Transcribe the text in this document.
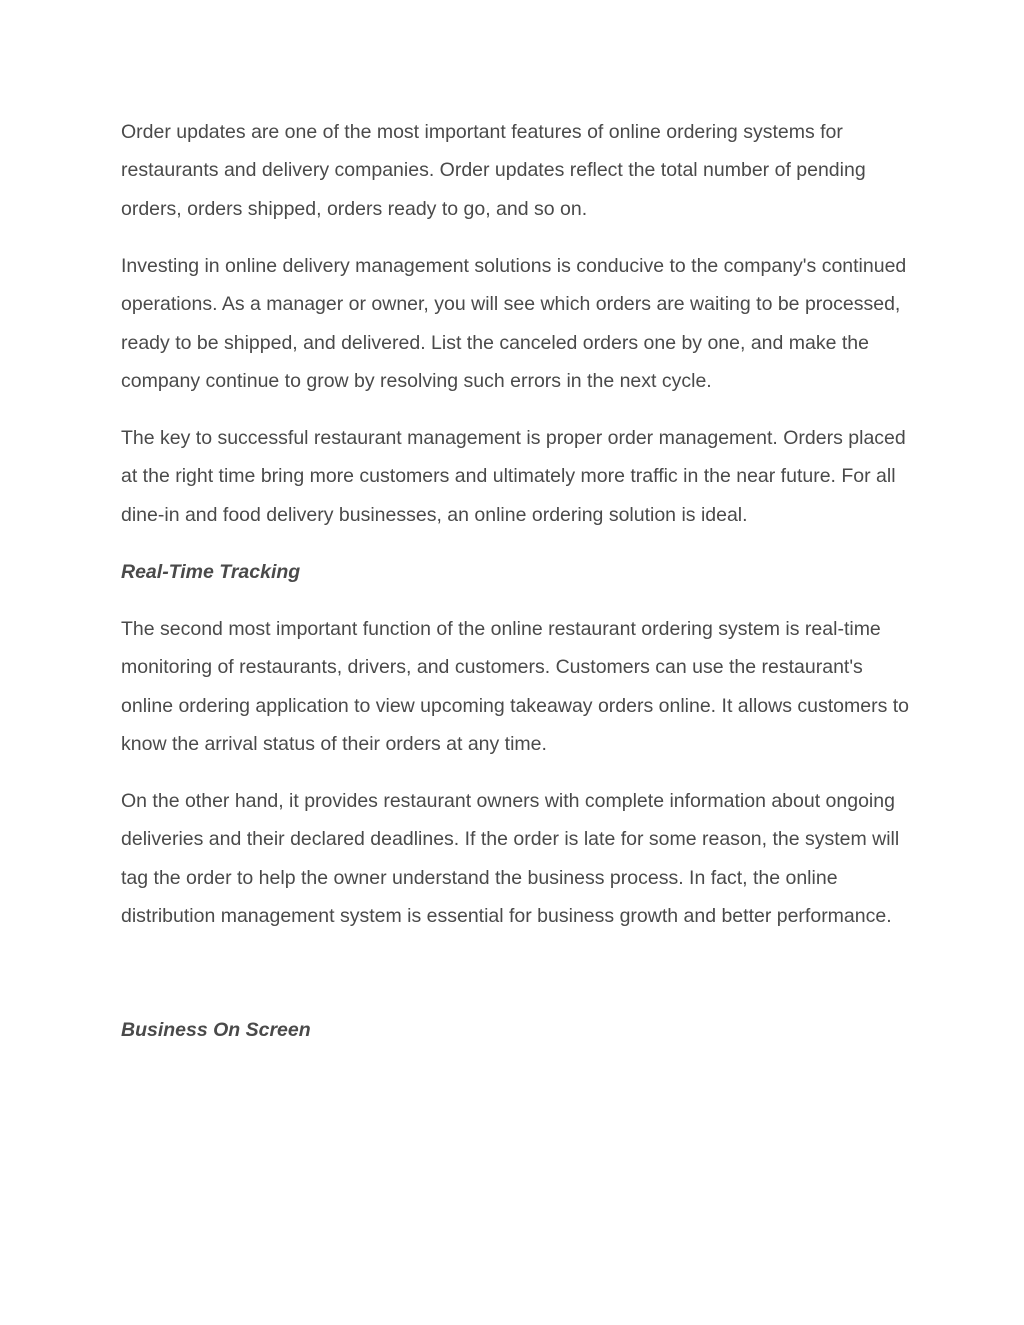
Order updates are one of the most important features of online ordering systems for restaurants and delivery companies. Order updates reflect the total number of pending orders, orders shipped, orders ready to go, and so on.

Investing in online delivery management solutions is conducive to the company's continued operations. As a manager or owner, you will see which orders are waiting to be processed, ready to be shipped, and delivered. List the canceled orders one by one, and make the company continue to grow by resolving such errors in the next cycle.

The key to successful restaurant management is proper order management. Orders placed at the right time bring more customers and ultimately more traffic in the near future. For all dine-in and food delivery businesses, an online ordering solution is ideal.

Real-Time Tracking

The second most important function of the online restaurant ordering system is real-time monitoring of restaurants, drivers, and customers. Customers can use the restaurant's online ordering application to view upcoming takeaway orders online. It allows customers to know the arrival status of their orders at any time.

On the other hand, it provides restaurant owners with complete information about ongoing deliveries and their declared deadlines. If the order is late for some reason, the system will tag the order to help the owner understand the business process. In fact, the online distribution management system is essential for business growth and better performance.

Business On Screen
